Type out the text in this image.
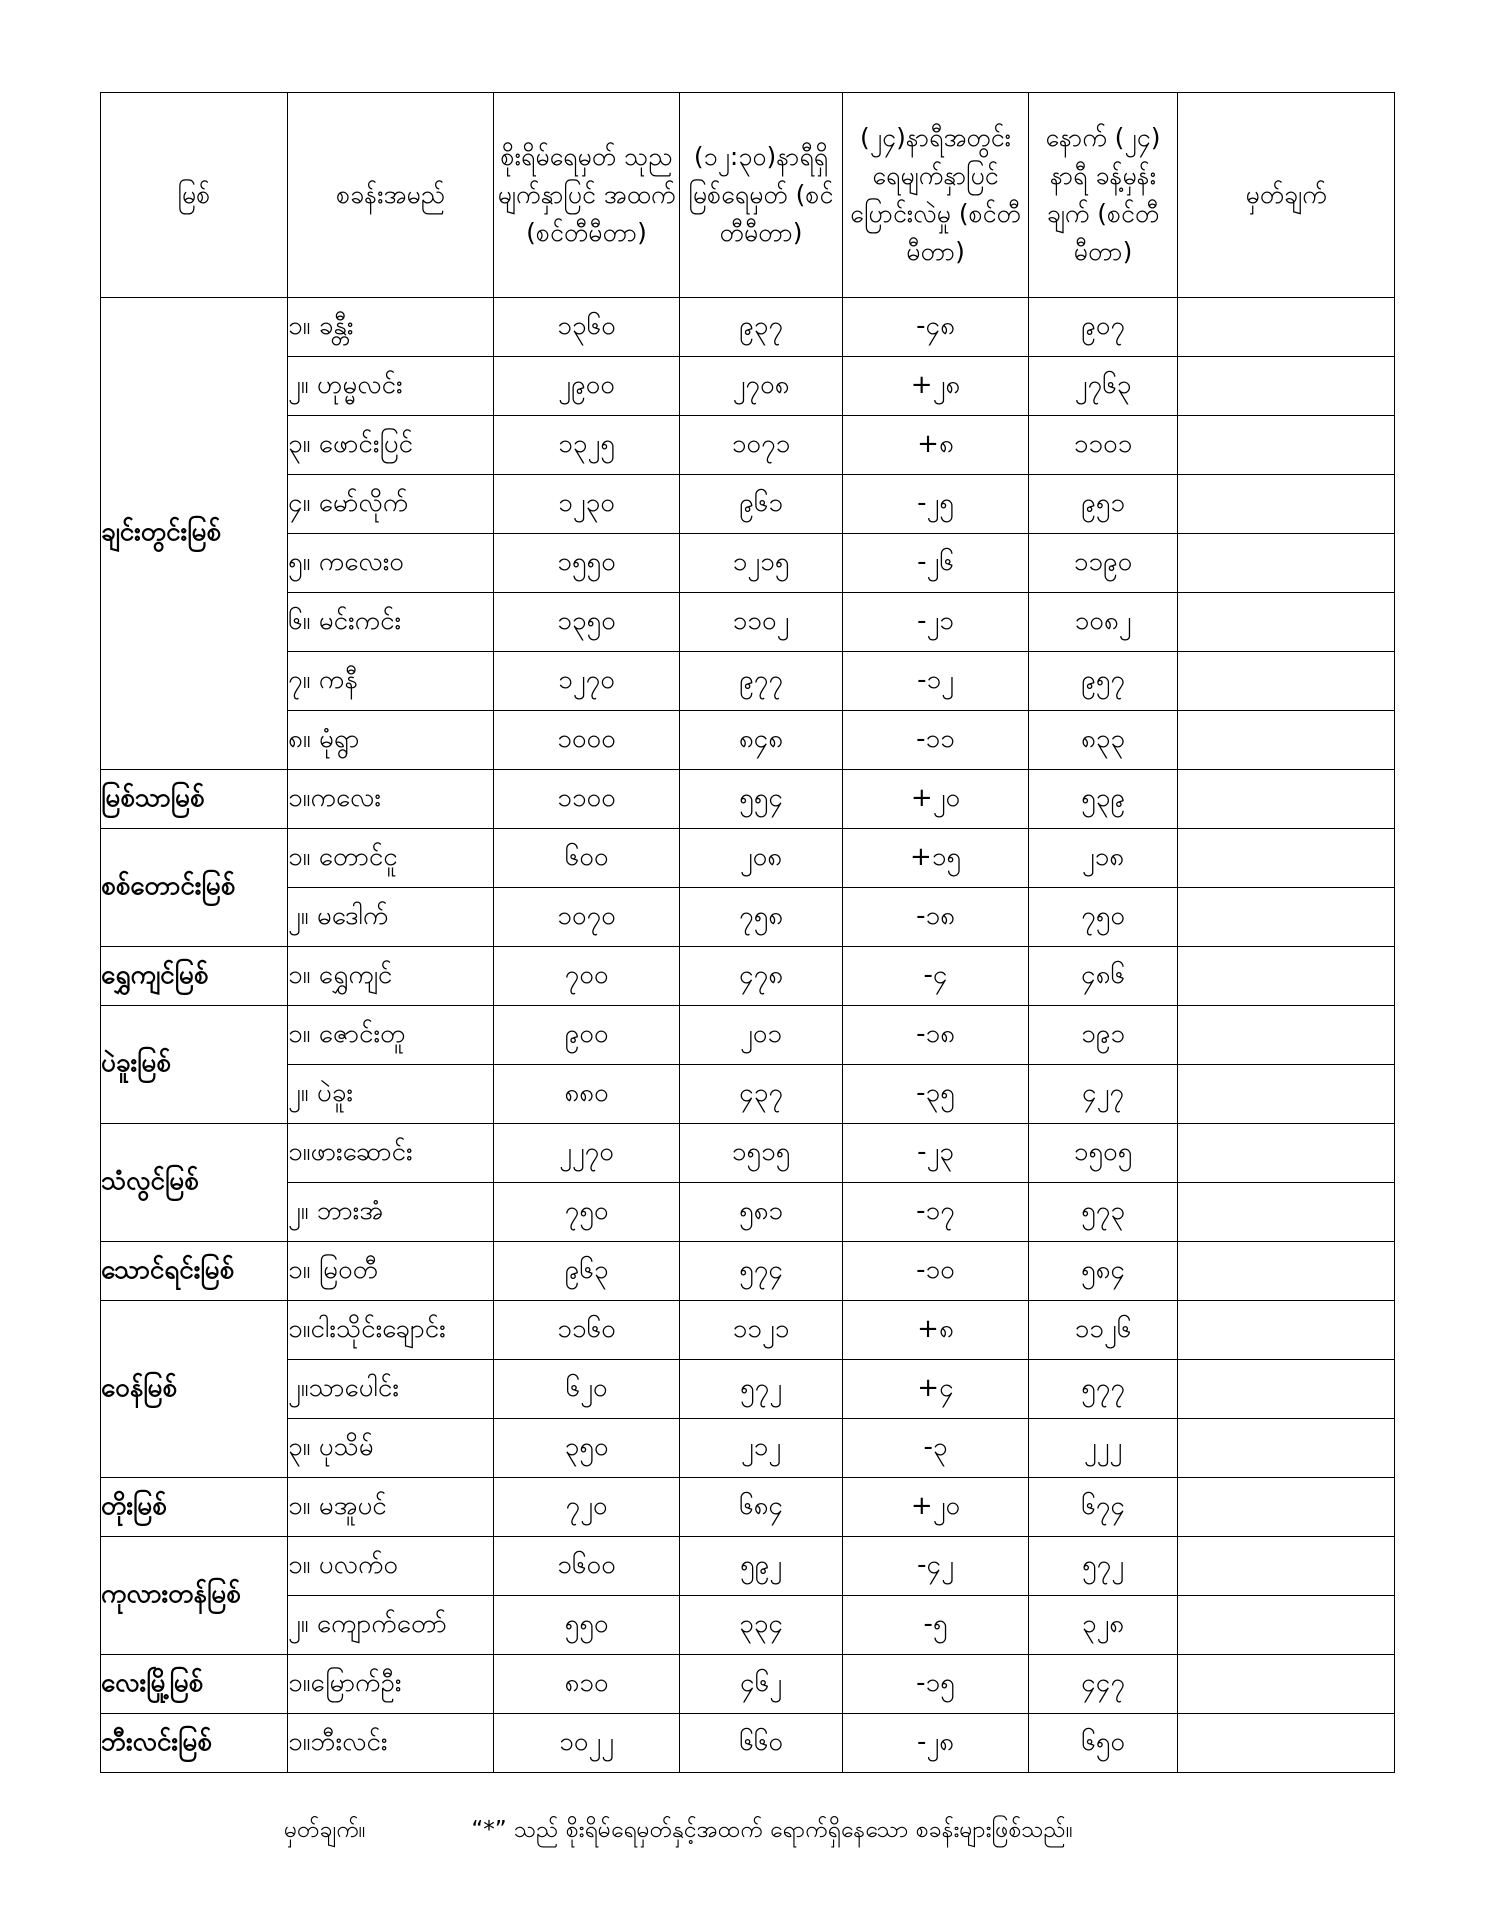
မြစ်	စခန်းအမည်	စိုးရိမ်ရေမှတ် သုညမျက်နှာပြင် အထက် (စင်တီမီတာ)	(၁၂:၃၀)နာရီရှိ မြစ်ရေမှတ် (စင်တီမီတာ)	(၂၄)နာရီအတွင်း ရေမျက်နှာပြင် ပြောင်းလဲမှု (စင်တီမီတာ)	နောက် (၂၄) နာရီ ခန့်မှန်းချက် (စင်တီမီတာ)	မှတ်ချက်
ချင်းတွင်းမြစ်	၁။ ခန္တီး	၁၃၆၀	၉၃၇	-၄၈	၉၀၇	
	၂။ ဟုမ္မလင်း	၂၉၀၀	၂၇၀၈	+၂၈	၂၇၆၃	
	၃။ ဖောင်းပြင်	၁၃၂၅	၁၀၇၁	+၈	၁၁၀၁	
	၄။ မော်လိုက်	၁၂၃၀	၉၆၁	-၂၅	၉၅၁	
	၅။ ကလေးဝ	၁၅၅၀	၁၂၁၅	-၂၆	၁၁၉၀	
	၆။ မင်းကင်း	၁၃၅၀	၁၁၀၂	-၂၁	၁၀၈၂	
	၇။ ကနီ	၁၂၇၀	၉၇၇	-၁၂	၉၅၇	
	၈။ မုံရွာ	၁၀၀၀	၈၄၈	-၁၁	၈၃၃	
မြစ်သာမြစ်	၁။ကလေး	၁၁၀၀	၅၅၄	+၂၀	၅၃၉	
စစ်တောင်းမြစ်	၁။ တောင်ငူ	၆၀၀	၂၀၈	+၁၅	၂၁၈	
	၂။ မဒေါက်	၁၀၇၀	၇၅၈	-၁၈	၇၅၀	
ရွှေကျင်မြစ်	၁။ ရွှေကျင်	၇၀၀	၄၇၈	-၄	၄၈၆	
ပဲခူးမြစ်	၁။ ဇောင်းတူ	၉၀၀	၂၀၁	-၁၈	၁၉၁	
	၂။ ပဲခူး	၈၈၀	၄၃၇	-၃၅	၄၂၇	
သံလွင်မြစ်	၁။ဖားဆောင်း	၂၂၇၀	၁၅၁၅	-၂၃	၁၅၀၅	
	၂။ ဘားအံ	၇၅၀	၅၈၁	-၁၇	၅၇၃	
သောင်ရင်းမြစ်	၁။ မြဝတီ	၉၆၃	၅၇၄	-၁၀	၅၈၄	
ဝေန်မြစ်	၁။ငါးသိုင်းချောင်း	၁၁၆၀	၁၁၂၁	+၈	၁၁၂၆	
	၂။သာပေါင်း	၆၂၀	၅၇၂	+၄	၅၇၇	
	၃။ ပုသိမ်	၃၅၀	၂၁၂	-၃	၂၂၂	
တိုးမြစ်	၁။ မအူပင်	၇၂၀	၆၈၄	+၂၀	၆၇၄	
ကုလားတန်မြစ်	၁။ ပလက်ဝ	၁၆၀၀	၅၉၂	-၄၂	၅၇၂	
	၂။ ကျောက်တော်	၅၅၀	၃၃၄	-၅	၃၂၈	
လေးမြို့မြစ်	၁။မြောက်ဦး	၈၁၀	၄၆၂	-၁၅	၄၄၇	
ဘီးလင်းမြစ်	၁။ဘီးလင်း	၁၀၂၂	၆၆၀	-၂၈	၆၅၀	
မှတ်ချက်။	“*” သည် စိုးရိမ်ရေမှတ်နှင့်အထက် ရောက်ရှိနေသော စခန်းများဖြစ်သည်။
